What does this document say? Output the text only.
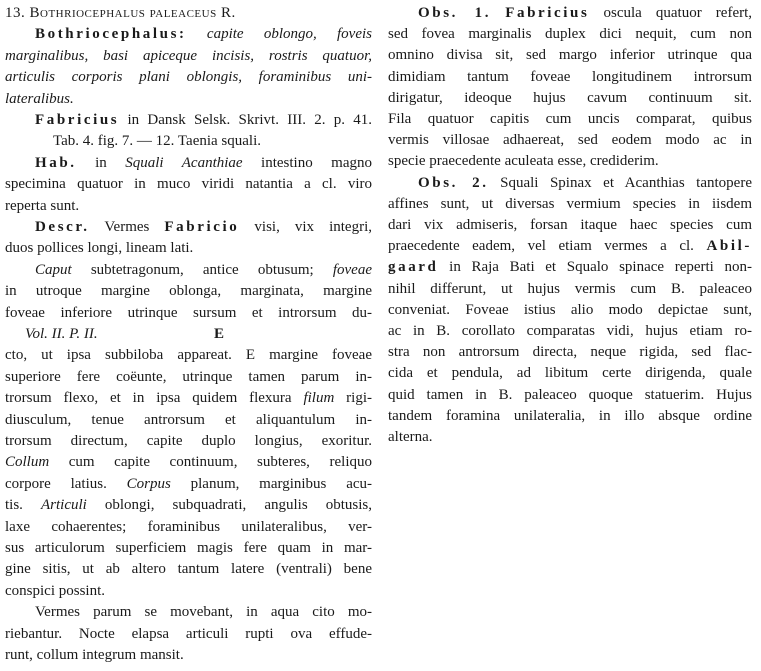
13. Bothriocephalus paleaceus R.
Bothriocephalus: capite oblongo, foveis
marginalibus, basi apiceque incisis, rostris quatuor,
articulis corporis plani oblongis, foraminibus uni-
lateralibus.
Fabricius in Dansk Selsk. Skrivt. III. 2. p. 41.
Tab. 4. fig. 7. — 12. Taenia squali.
Hab. in Squali Acanthiae intestino magno
specimina quatuor in muco viridi natantia a cl. viro
reperta sunt.
Descr. Vermes Fabricio visi, vix integri,
duos pollices longi, lineam lati.
Caput subtetragonum, antice obtusum; foveae
in utroque margine oblonga, marginata, margine
foveae inferiore utrinque sursum et introrsum du-
Vol. II. P. II.	E
cto, ut ipsa subbiloba appareat. E margine foveae
superiore fere coëunte, utrinque tamen parum in-
trorsum flexo, et in ipsa quidem flexura filum rigi-
diusculum, tenue antrorsum et aliquantulum in-
trorsum directum, capite duplo longius, exoritur.
Collum cum capite continuum, subteres, reliquo
corpore latius. Corpus planum, marginibus acu-
tis. Articuli oblongi, subquadrati, angulis obtusis,
laxe cohaerentes; foraminibus unilateralibus, ver-
sus articulorum superficiem magis fere quam in mar-
gine sitis, ut ab altero tantum latere (ventrali) bene
conspici possint.
Vermes parum se movebant, in aqua cito mo-
riebantur. Nocte elapsa articuli rupti ova effude-
runt, collum integrum mansit.
Obs. 1. Fabricius oscula quatuor refert,
sed fovea marginalis duplex dici nequit, cum non
omnino divisa sit, sed margo inferior utrinque qua
dimidiam tantum foveae longitudinem introrsum
dirigatur, ideoque hujus cavum continuum sit.
Fila quatuor capitis cum uncis comparat, quibus
vermis villosae adhaereat, sed eodem modo ac in
specie praecedente aculeata esse, crediderim.
Obs. 2. Squali Spinax et Acanthias tantopere
affines sunt, ut diversas vermium species in iisdem
dari vix admiseris, forsan itaque haec species cum
praecedente eadem, vel etiam vermes a cl. Abil-
gaard in Raja Bati et Squalo spinace reperti non-
nihil differunt, ut hujus vermis cum B. paleaceo
conveniat. Foveae istius alio modo depictae sunt,
ac in B. corollato comparatas vidi, hujus etiam ro-
stra non antrorsum directa, neque rigida, sed flac-
cida et pendula, ad libitum certe dirigenda, quale
quid tamen in B. paleaceo quoque statuerim. Hujus
tandem foramina unilateralia, in illo absque ordine
alterna.
